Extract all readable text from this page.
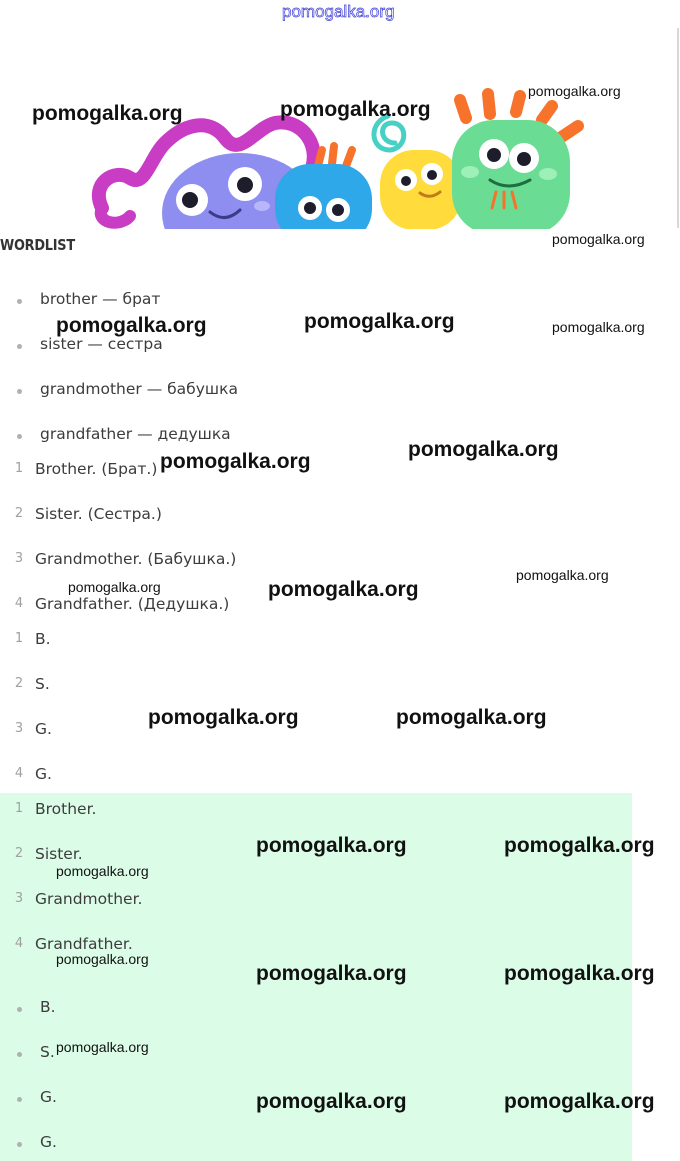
pomogalka.org
WORDLIST
brother — брат
sister — сестра
grandmother — бабушка
grandfather — дедушка
1 Brother. (Брат.)
2 Sister. (Сестра.)
3 Grandmother. (Бабушка.)
4 Grandfather. (Дедушка.)
1 B.
2 S.
3 G.
4 G.
1 Brother.
2 Sister.
3 Grandmother.
4 Grandfather.
B.
S.
G.
G.
pomogalka.org	pomogalka.org
pomogalka.org
pomogalka.org
pomogalka.org	pomogalka.org	pomogalka.org
pomogalka.org
pomogalka.org
pomogalka.org	pomogalka.org
pomogalka.org
pomogalka.org	pomogalka.org
pomogalka.org	pomogalka.org
pomogalka.org
pomogalka.org
pomogalka.org	pomogalka.org
pomogalka.org
pomogalka.org	pomogalka.org
